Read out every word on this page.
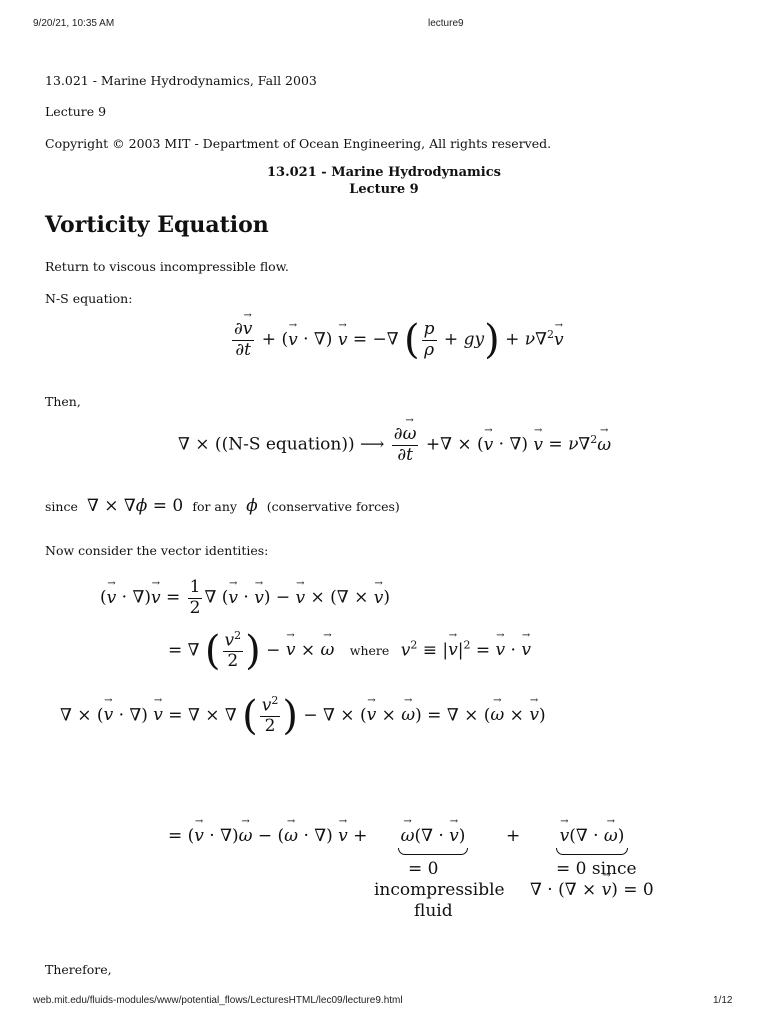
9/20/21, 10:35 AM	lecture9
13.021 - Marine Hydrodynamics, Fall 2003
Lecture 9
Copyright © 2003 MIT - Department of Ocean Engineering, All rights reserved.
13.021 - Marine Hydrodynamics
Lecture 9
Vorticity Equation
Return to viscous incompressible flow.
N-S equation:
$\frac{\partial v \to}{\partial t} + (v$ → · ∇) v → = −∇ ( $\frac{p}{\rho} + gy) + \nu\nabla^2v$ →
Then,
∇ × ((N-S equation)) ⟶ $\frac{\partial\omega \to}{\partial t}$ +∇ × (v → · ∇) v → = ν∇$^2$ω →
since ∇ × ∇ϕ = 0 for any ϕ (conservative forces)
Now consider the vector identities:
(v → · ∇)v → = $\frac{1}{2}$ ∇ (v → · v →) − v → × (∇ × v →)
= ∇ ( $\frac{v^2}{2}$ ) − v → × ω → where $v^2 \equiv |v \to|^2 = v$ → · v →
∇ × (v → · ∇) v → = ∇ × ∇ ( $\frac{v^2}{2}$ ) − ∇ × (v → × ω →) = ∇ × (ω → × v →)
= (v → · ∇)ω → − (ω → · ∇) v → + ω →(∇ · v →) + v →(∇ · ω →)
= 0
incompressible
fluid
= 0 since
∇ · (∇ × v →) = 0
Therefore,
web.mit.edu/fluids-modules/www/potential_flows/LecturesHTML/lec09/lecture9.html	1/12
